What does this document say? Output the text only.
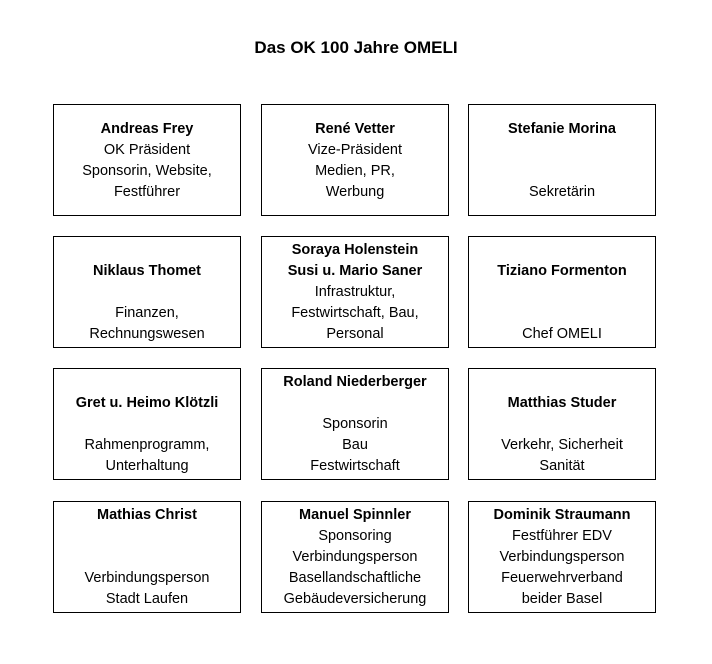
Das OK 100 Jahre OMELI
Andreas Frey
OK Präsident
Sponsorin, Website,
Festführer
René Vetter
Vize-Präsident
Medien, PR,
Werbung
Stefanie Morina
Sekretärin
Niklaus Thomet
Finanzen,
Rechnungswesen
Soraya Holenstein
Susi u. Mario Saner
Infrastruktur,
Festwirtschaft, Bau,
Personal
Tiziano Formenton
Chef OMELI
Gret u. Heimo Klötzli
Rahmenprogramm,
Unterhaltung
Roland Niederberger
Sponsorin
Bau
Festwirtschaft
Matthias Studer
Verkehr, Sicherheit
Sanität
Mathias Christ
Verbindungsperson
Stadt Laufen
Manuel Spinnler
Sponsoring
Verbindungsperson
Basellandschaftliche
Gebäudeversicherung
Dominik Straumann
Festführer EDV
Verbindungsperson
Feuerwehrverband
beider Basel
